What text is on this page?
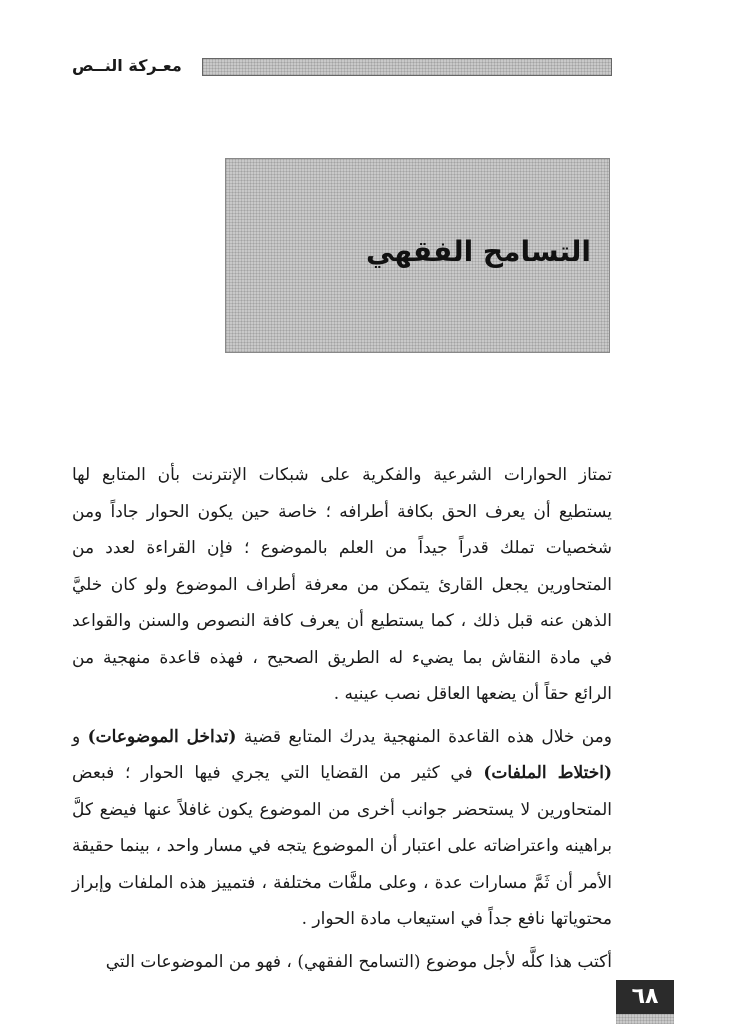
معـركة النــص
التسامح الفقهي

تمتاز الحوارات الشرعية والفكرية على شبكات الإنترنت بأن المتابع لها يستطيع أن يعرف الحق بكافة أطرافه ؛ خاصة حين يكون الحوار جاداً ومن شخصيات تملك قدراً جيداً من العلم بالموضوع ؛ فإن القراءة لعدد من المتحاورين يجعل القارئ يتمكن من معرفة أطراف الموضوع ولو كان خليَّ الذهن عنه قبل ذلك ، كما يستطيع أن يعرف كافة النصوص والسنن والقواعد في مادة النقاش بما يضيء له الطريق الصحيح ، فهذه قاعدة منهجية من الرائع حقاً أن يضعها العاقل نصب عينيه .

ومن خلال هذه القاعدة المنهجية يدرك المتابع قضية (تداخل الموضوعات) و (اختلاط الملفات) في كثير من القضايا التي يجري فيها الحوار ؛ فبعض المتحاورين لا يستحضر جوانب أخرى من الموضوع يكون غافلاً عنها فيضع كلَّ براهينه واعتراضاته على اعتبار أن الموضوع يتجه في مسار واحد ، بينما حقيقة الأمر أن ثَمَّ مسارات عدة ، وعلى ملفَّات مختلفة ، فتمييز هذه الملفات وإبراز محتوياتها نافع جداً في استيعاب مادة الحوار .

أكتب هذا كلَّه لأجل موضوع (التسامح الفقهي) ، فهو من الموضوعات التي

٦٨
